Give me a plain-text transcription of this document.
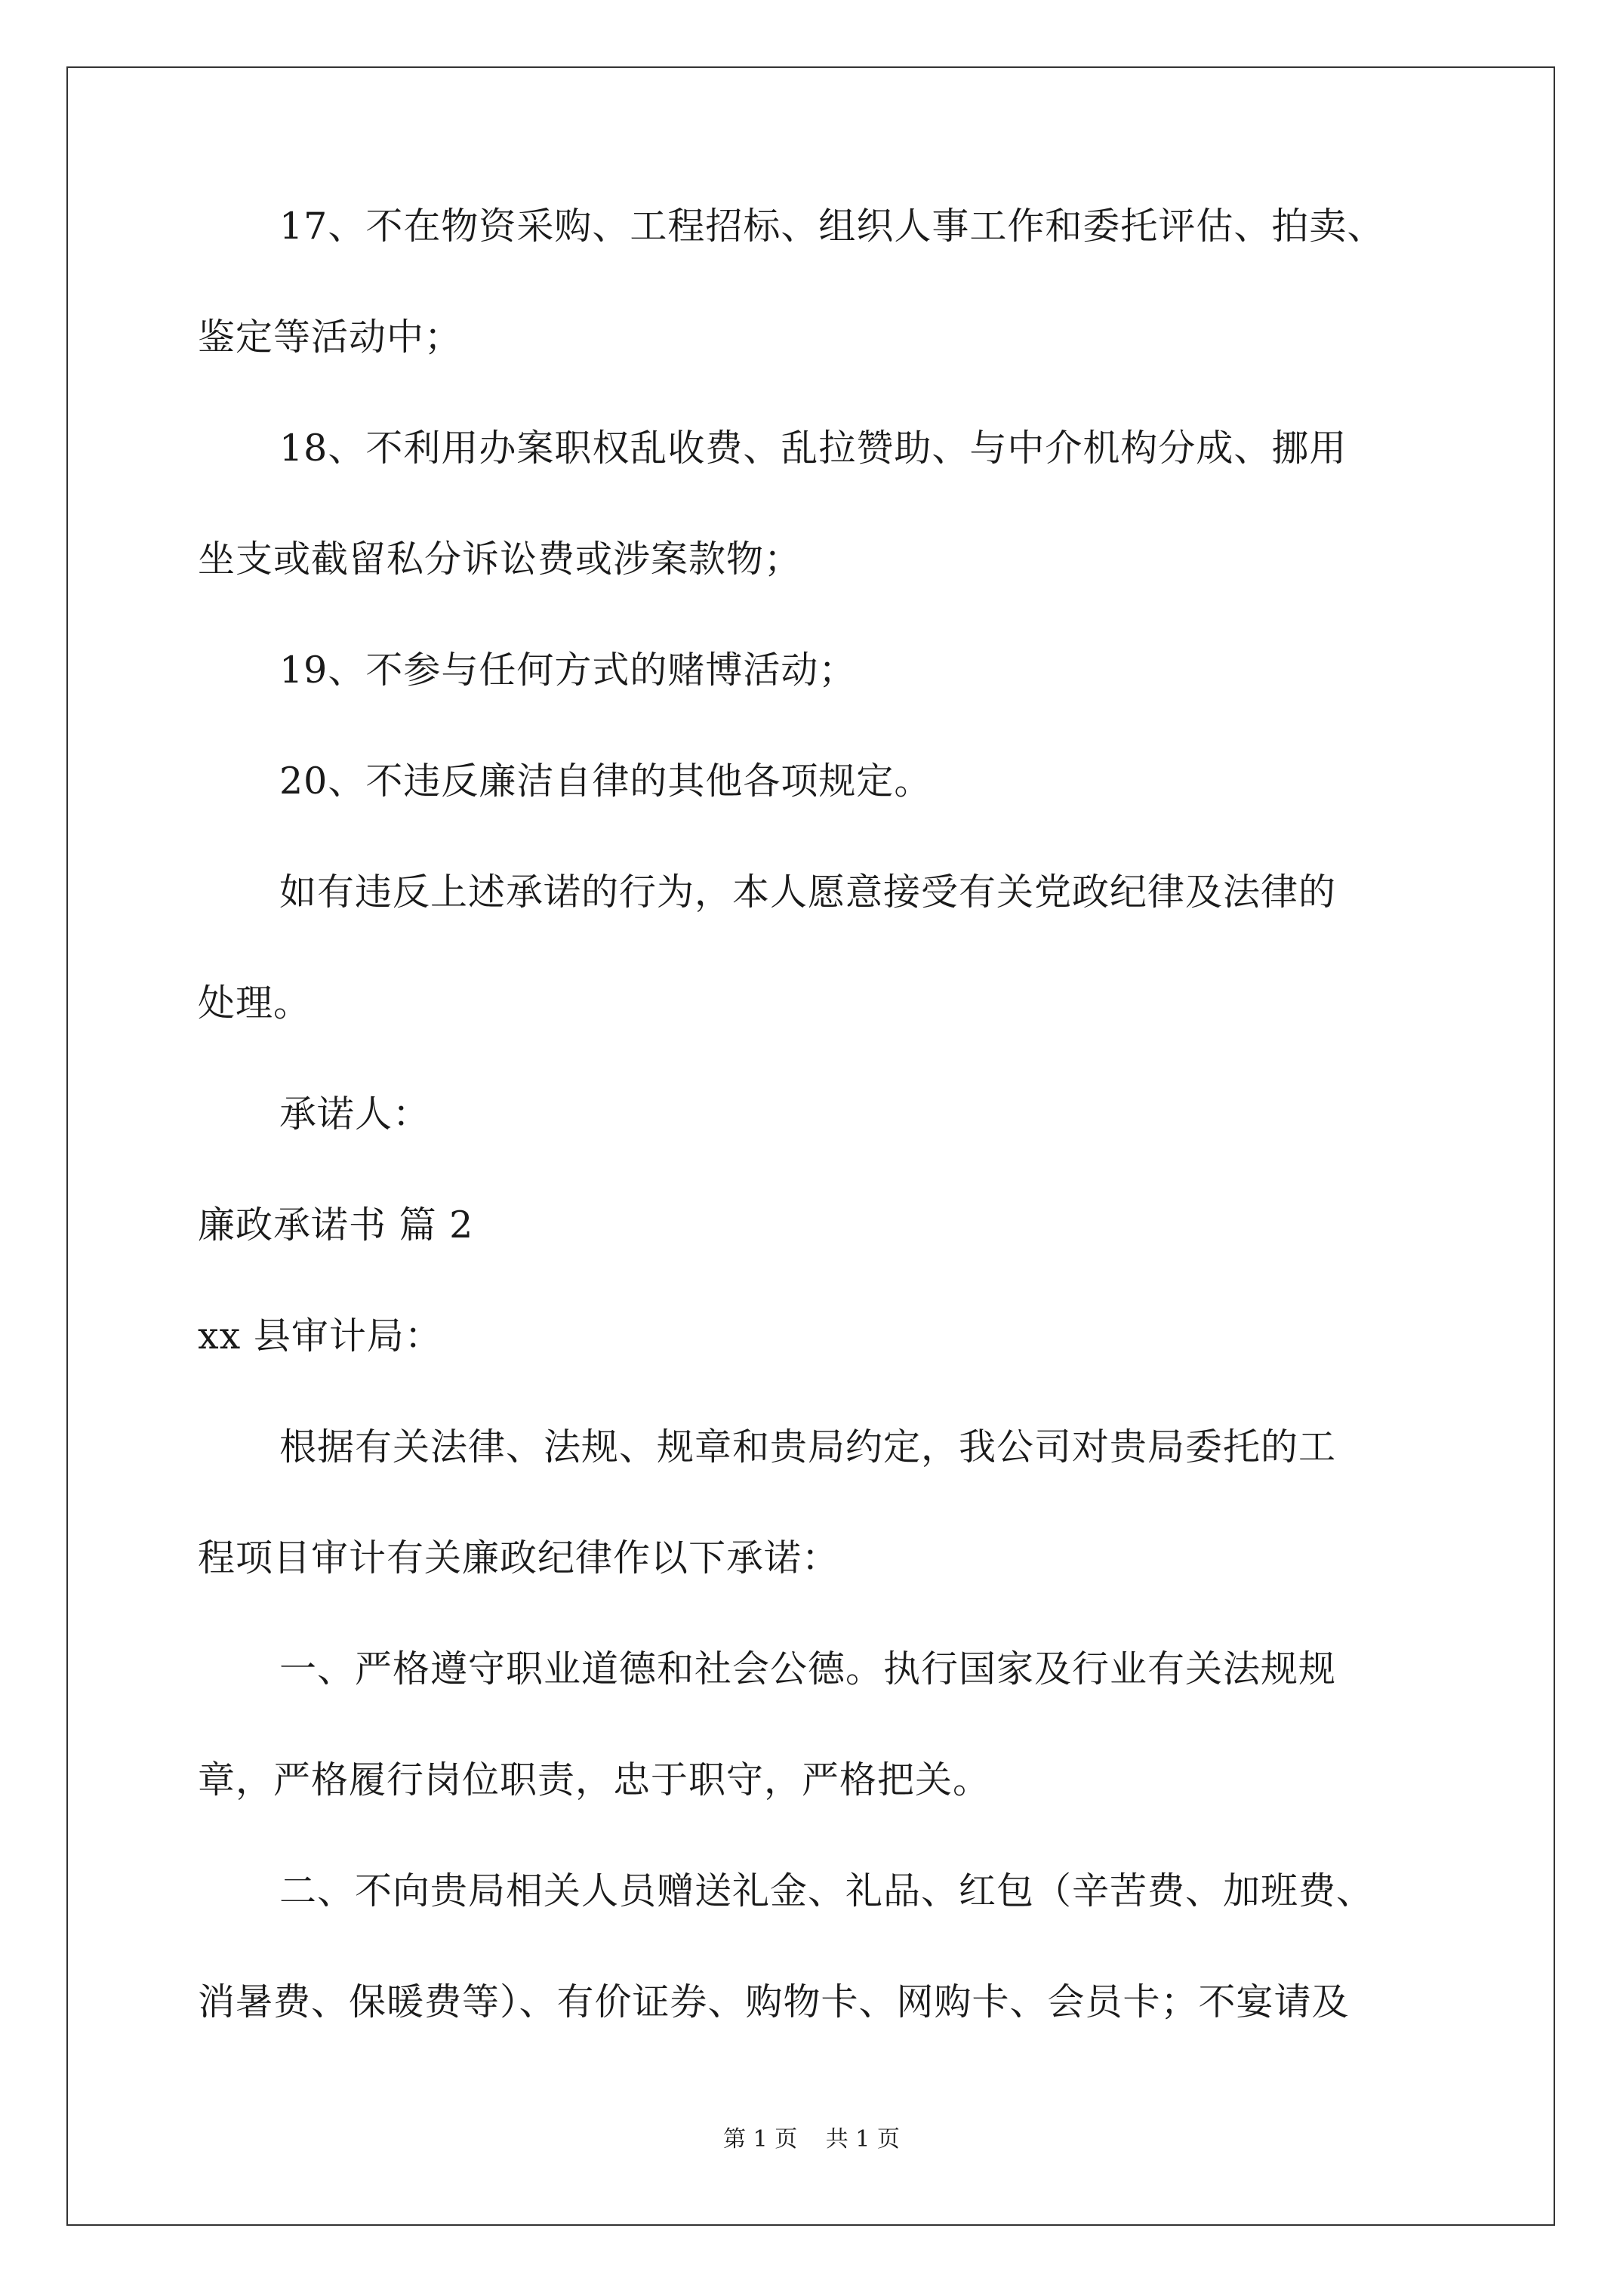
17、不在物资采购、工程招标、组织人事工作和委托评估、拍卖、
鉴定等活动中；
18、不利用办案职权乱收费、乱拉赞助、与中介机构分成、挪用
坐支或截留私分诉讼费或涉案款物；
19、不参与任何方式的赌博活动；
20、不违反廉洁自律的其他各项规定。
如有违反上述承诺的行为，本人愿意接受有关党政纪律及法律的
处理。
承诺人：
廉政承诺书 篇 2
xx 县审计局：
根据有关法律、法规、规章和贵局约定，我公司对贵局委托的工
程项目审计有关廉政纪律作以下承诺：
一、严格遵守职业道德和社会公德。执行国家及行业有关法规规
章，严格履行岗位职责，忠于职守，严格把关。
二、不向贵局相关人员赠送礼金、礼品、红包（辛苦费、加班费、
消暑费、保暖费等）、有价证券、购物卡、网购卡、会员卡；不宴请及
第 1 页 共 1 页
